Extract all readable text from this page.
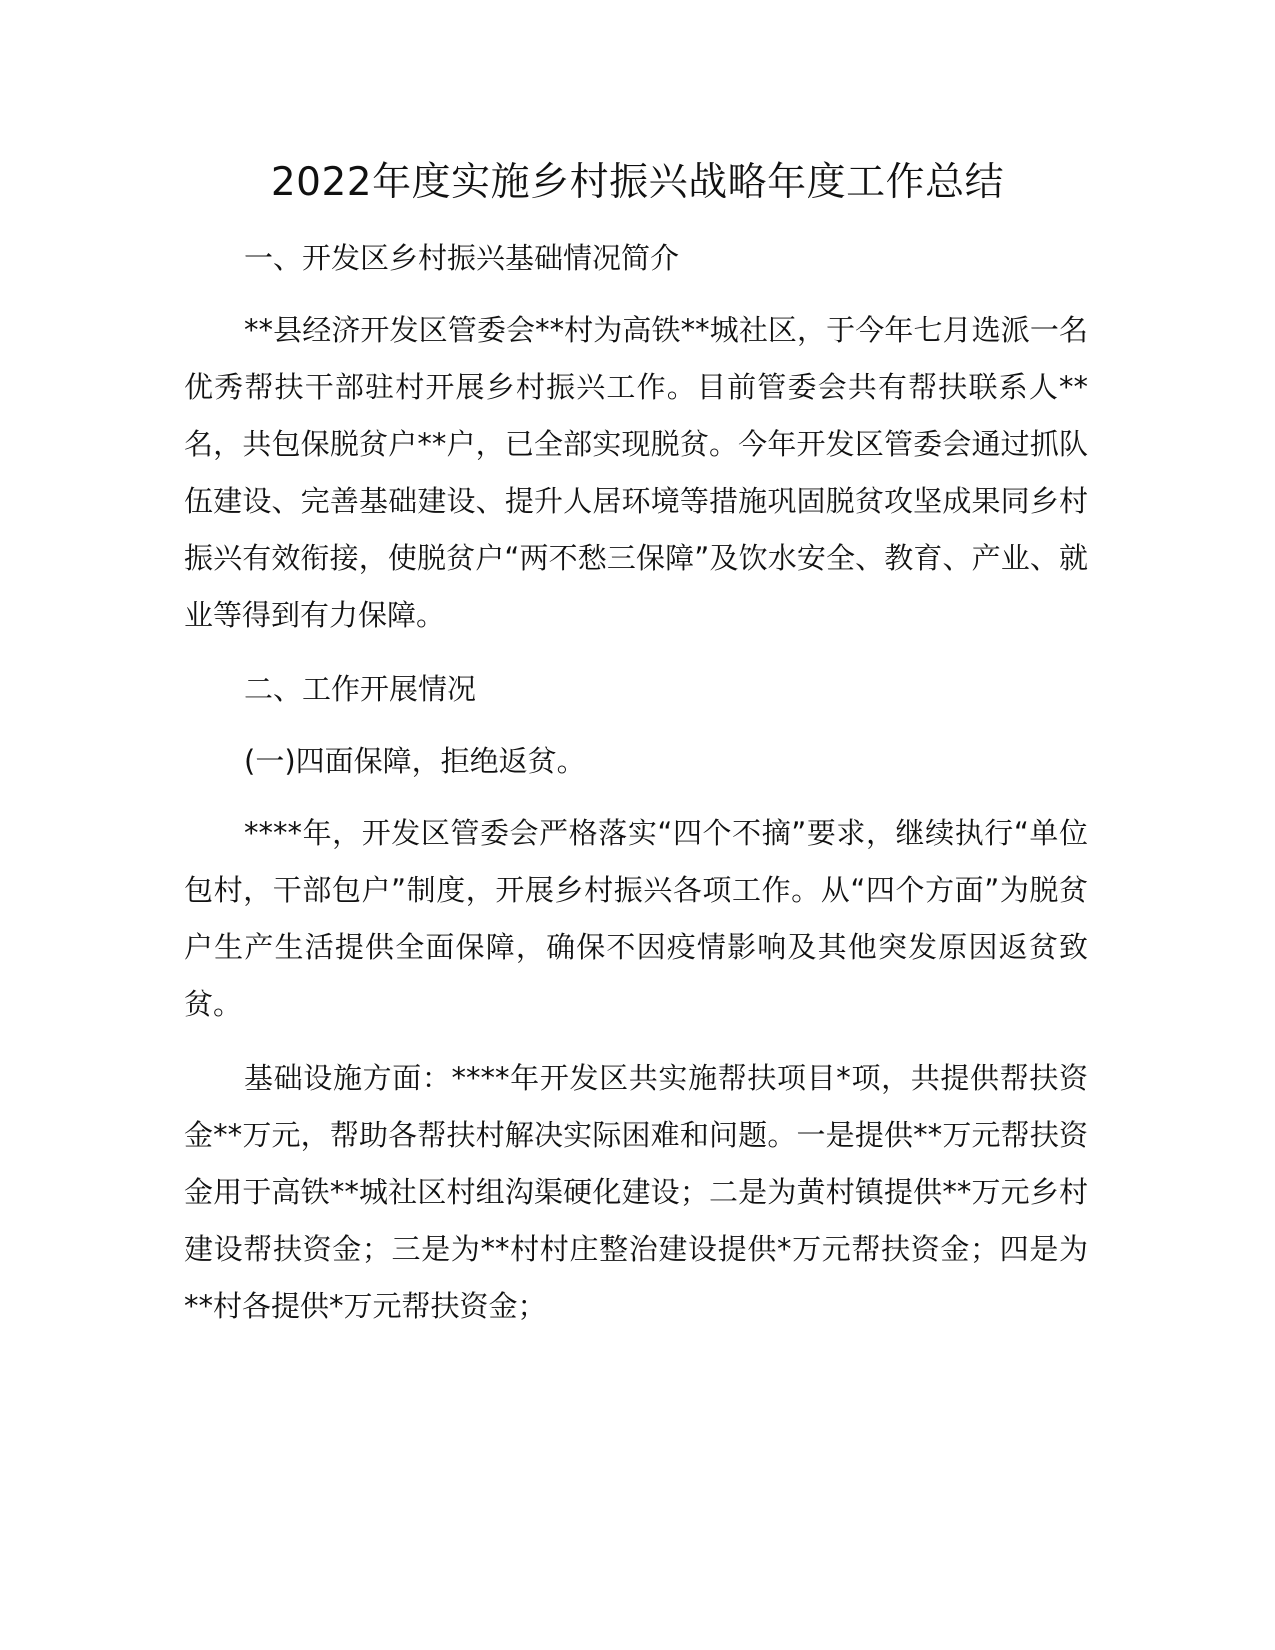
2022年度实施乡村振兴战略年度工作总结

一、开发区乡村振兴基础情况简介

**县经济开发区管委会**村为高铁**城社区，于今年七月选派一名优秀帮扶干部驻村开展乡村振兴工作。目前管委会共有帮扶联系人**名，共包保脱贫户**户，已全部实现脱贫。今年开发区管委会通过抓队伍建设、完善基础建设、提升人居环境等措施巩固脱贫攻坚成果同乡村振兴有效衔接，使脱贫户“两不愁三保障”及饮水安全、教育、产业、就业等得到有力保障。

二、工作开展情况

(一)四面保障，拒绝返贫。

****年，开发区管委会严格落实“四个不摘”要求，继续执行“单位包村，干部包户”制度，开展乡村振兴各项工作。从“四个方面”为脱贫户生产生活提供全面保障，确保不因疫情影响及其他突发原因返贫致贫。

基础设施方面：****年开发区共实施帮扶项目*项，共提供帮扶资金**万元，帮助各帮扶村解决实际困难和问题。一是提供**万元帮扶资金用于高铁**城社区村组沟渠硬化建设；二是为黄村镇提供**万元乡村建设帮扶资金；三是为**村村庄整治建设提供*万元帮扶资金；四是为**村各提供*万元帮扶资金；
